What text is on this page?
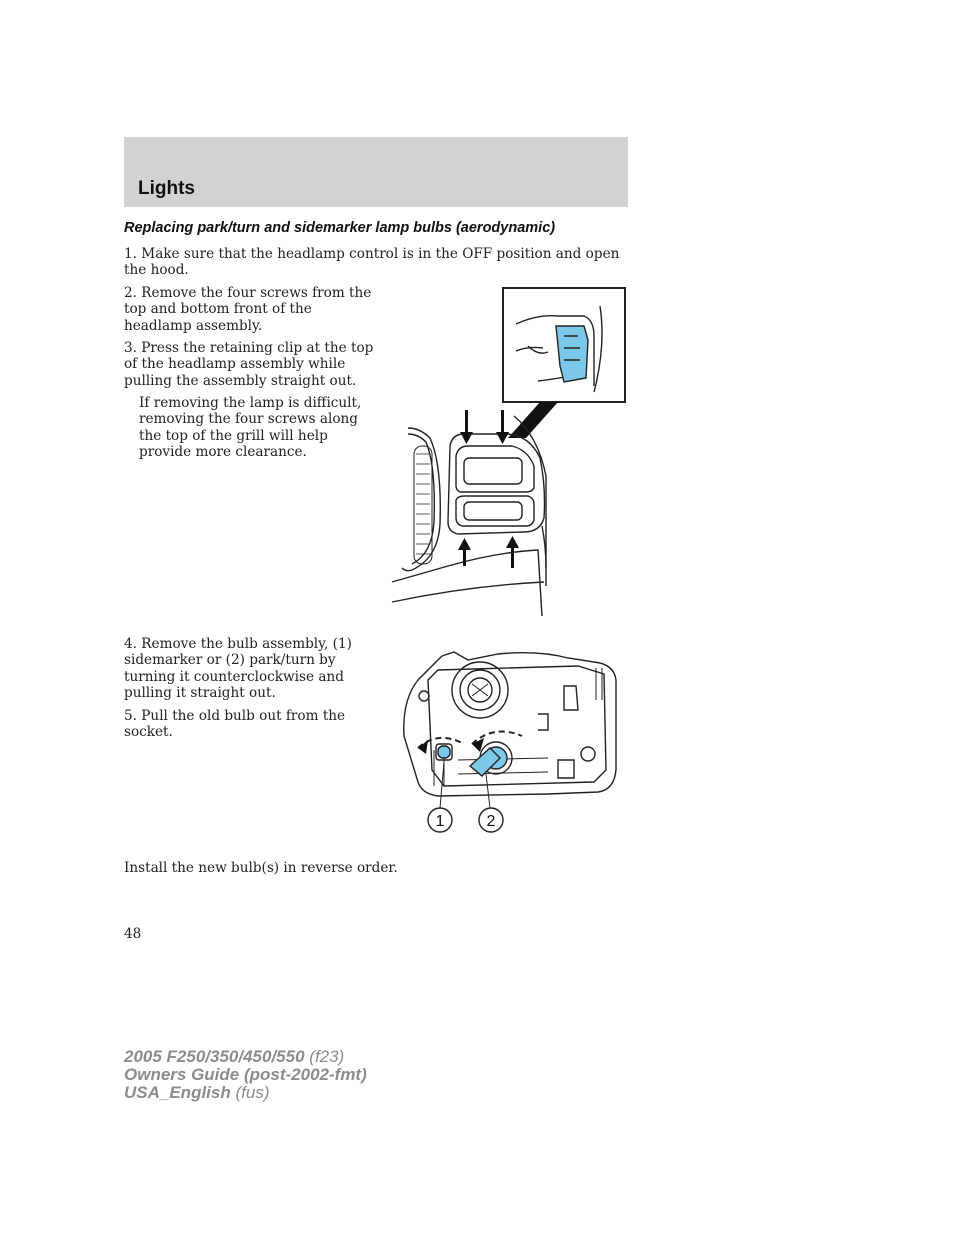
Lights
Replacing park/turn and sidemarker lamp bulbs (aerodynamic)
1. Make sure that the headlamp control is in the OFF position and open the hood.
2. Remove the four screws from the top and bottom front of the headlamp assembly.
3. Press the retaining clip at the top of the headlamp assembly while pulling the assembly straight out.
If removing the lamp is difficult, removing the four screws along the top of the grill will help provide more clearance.
4. Remove the bulb assembly, (1) sidemarker or (2) park/turn by turning it counterclockwise and pulling it straight out.
5. Pull the old bulb out from the socket.
Install the new bulb(s) in reverse order.
1	2
48
2005 F250/350/450/550 (f23)
Owners Guide (post-2002-fmt)
USA_English (fus)
